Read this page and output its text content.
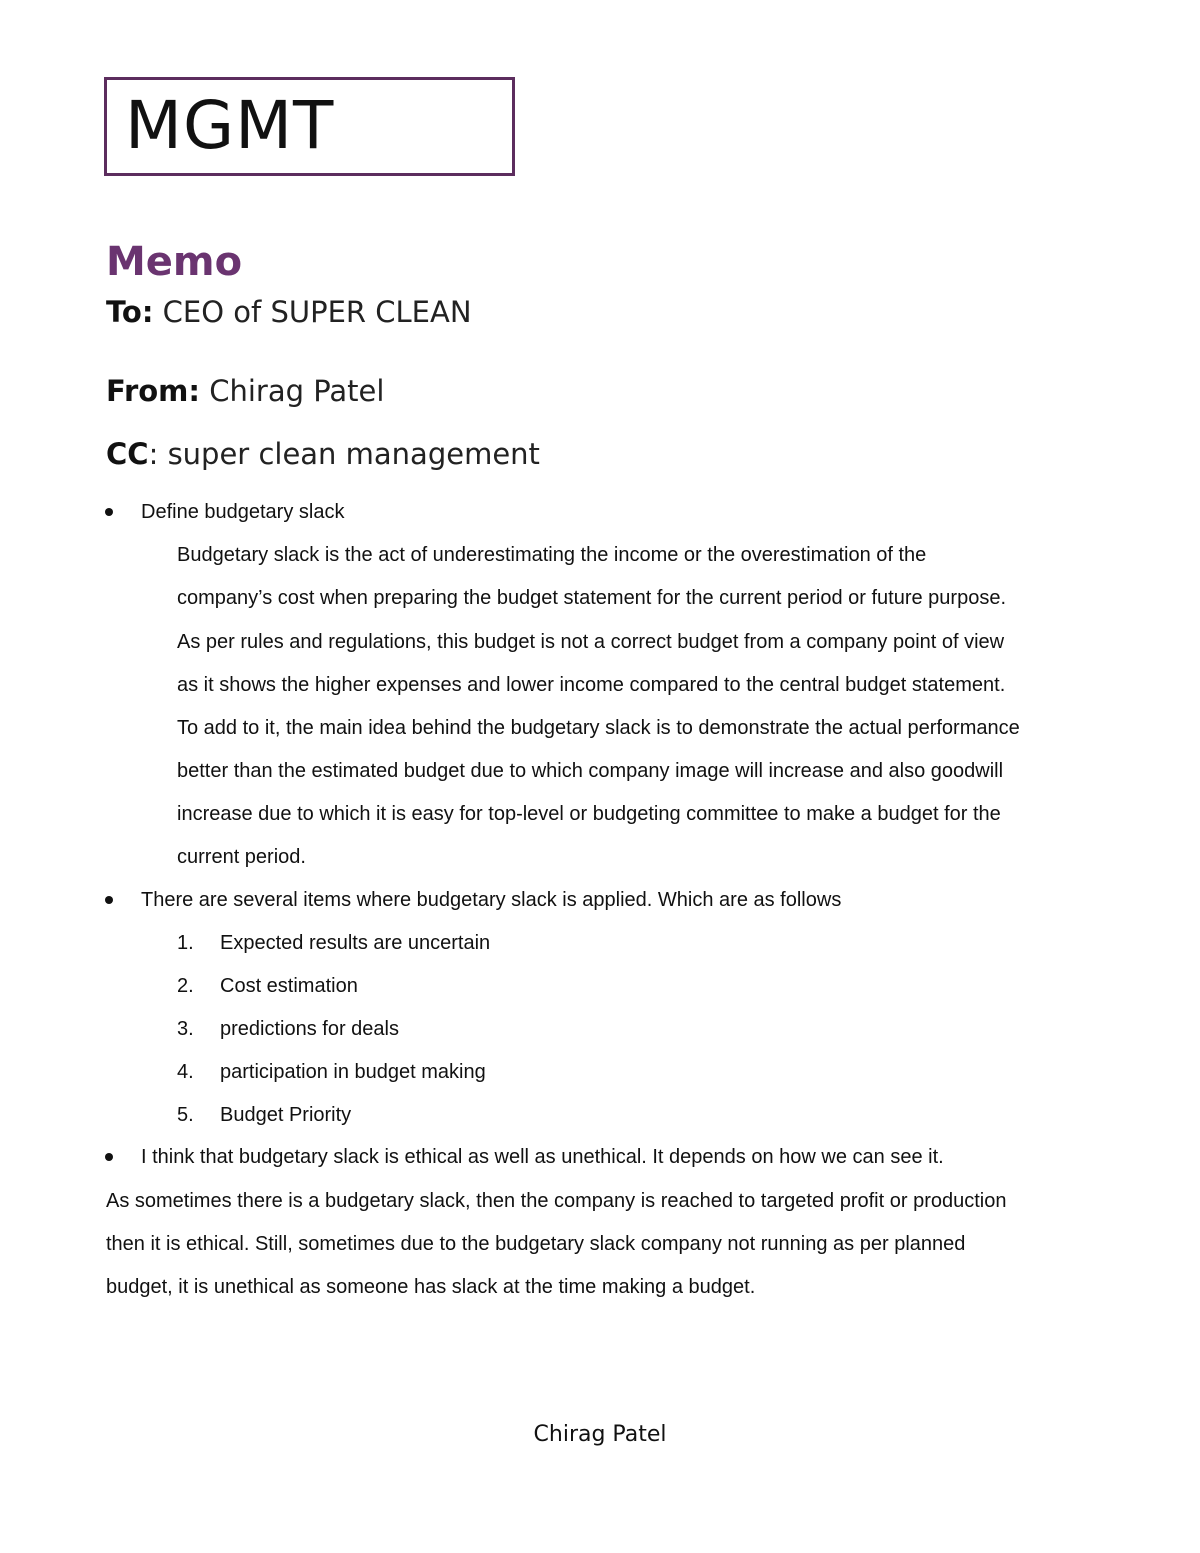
MGMT
Memo
To: CEO of SUPER CLEAN
From: Chirag Patel
CC: super clean management
Define budgetary slack
Budgetary slack is the act of underestimating the income or the overestimation of the
company’s cost when preparing the budget statement for the current period or future purpose.
As per rules and regulations, this budget is not a correct budget from a company point of view
as it shows the higher expenses and lower income compared to the central budget statement.
To add to it, the main idea behind the budgetary slack is to demonstrate the actual performance
better than the estimated budget due to which company image will increase and also goodwill
increase due to which it is easy for top-level or budgeting committee to make a budget for the
current period.
There are several items where budgetary slack is applied. Which are as follows
1. Expected results are uncertain
2. Cost estimation
3. predictions for deals
4. participation in budget making
5. Budget Priority
I think that budgetary slack is ethical as well as unethical. It depends on how we can see it.
As sometimes there is a budgetary slack, then the company is reached to targeted profit or production
then it is ethical. Still, sometimes due to the budgetary slack company not running as per planned
budget, it is unethical as someone has slack at the time making a budget.
Chirag Patel
